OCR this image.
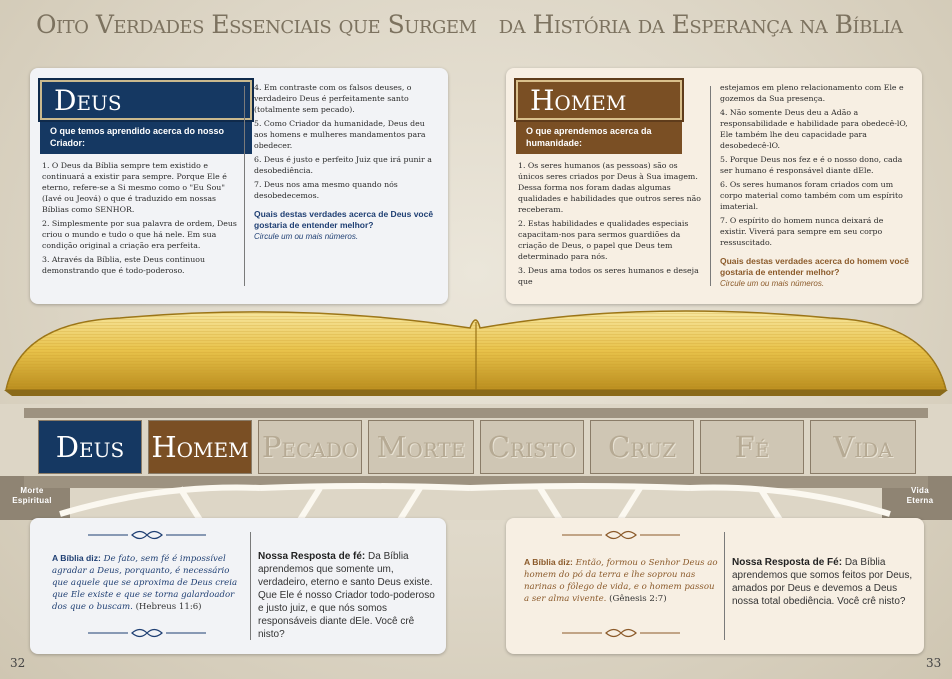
Oito Verdades Essenciais que Surgem   da História da Esperança na Bíblia
Deus
O que temos aprendido acerca do nosso Criador:
1. O Deus da Bíblia sempre tem existido e continuará a existir para sempre. Porque Ele é eterno, refere-se a Si mesmo como o "Eu Sou" (Iavé ou Jeová) o que é traduzido em nossas Bíblias como SENHOR.
2. Simplesmente por sua palavra de ordem, Deus criou o mundo e tudo o que há nele. Em sua condição original a criação era perfeita.
3. Através da Bíblia, este Deus continuou demonstrando que é todo-poderoso.
4. Em contraste com os falsos deuses, o verdadeiro Deus é perfeitamente santo (totalmente sem pecado).
5. Como Criador da humanidade, Deus deu aos homens e mulheres mandamentos para obedecer.
6. Deus é justo e perfeito Juiz que irá punir a desobediência.
7. Deus nos ama mesmo quando nós desobedecemos.
Quais destas verdades acerca de Deus você gostaria de entender melhor?
Circule um ou mais números.
Homem
O que aprendemos acerca da humanidade:
1. Os seres humanos (as pessoas) são os únicos seres criados por Deus à Sua imagem. Dessa forma nos foram dadas algumas qualidades e habilidades que outros seres não receberam.
2. Estas habilidades e qualidades especiais capacitam-nos para sermos guardiões da criação de Deus, o papel que Deus tem determinado para nós.
3. Deus ama todos os seres humanos e deseja que
estejamos em pleno relacionamento com Ele e gozemos da Sua presença.
4. Não somente Deus deu a Adão a responsabilidade e habilidade para obedecê-lO, Ele também lhe deu capacidade para desobedecê-lO.
5. Porque Deus nos fez e é o nosso dono, cada ser humano é responsável diante dEle.
6. Os seres humanos foram criados com um corpo material como também com um espírito imaterial.
7. O espírito do homem nunca deixará de existir. Viverá para sempre em seu corpo ressuscitado.
Quais destas verdades acerca do homem você gostaria de entender melhor?
Circule um ou mais números.
Morte
Espiritual
Vida
Eterna
Deus Homem Pecado Morte Cristo	Cruz	Fé	Vida
A Bíblia diz: De fato, sem fé é impossível agradar a Deus, porquanto, é necessário que aquele que se aproxima de Deus creia que Ele existe e que se torna galardoador dos que o buscam. (Hebreus 11:6)
Nossa Resposta de fé: Da Bíblia aprendemos que somente um, verdadeiro, eterno e santo Deus existe. Que Ele é nosso Criador todo-poderoso e justo juiz, e que nós somos responsáveis diante dEle. Você crê nisto?
A Bíblia diz: Então, formou o Senhor Deus ao homem do pó da terra e lhe soprou nas narinas o fôlego de vida, e o homem passou a ser alma vivente. (Gênesis 2:7)
Nossa Resposta de Fé: Da Bíblia aprendemos que somos feitos por Deus, amados por Deus e devemos a Deus nossa total obediência. Você crê nisto?
32	33
